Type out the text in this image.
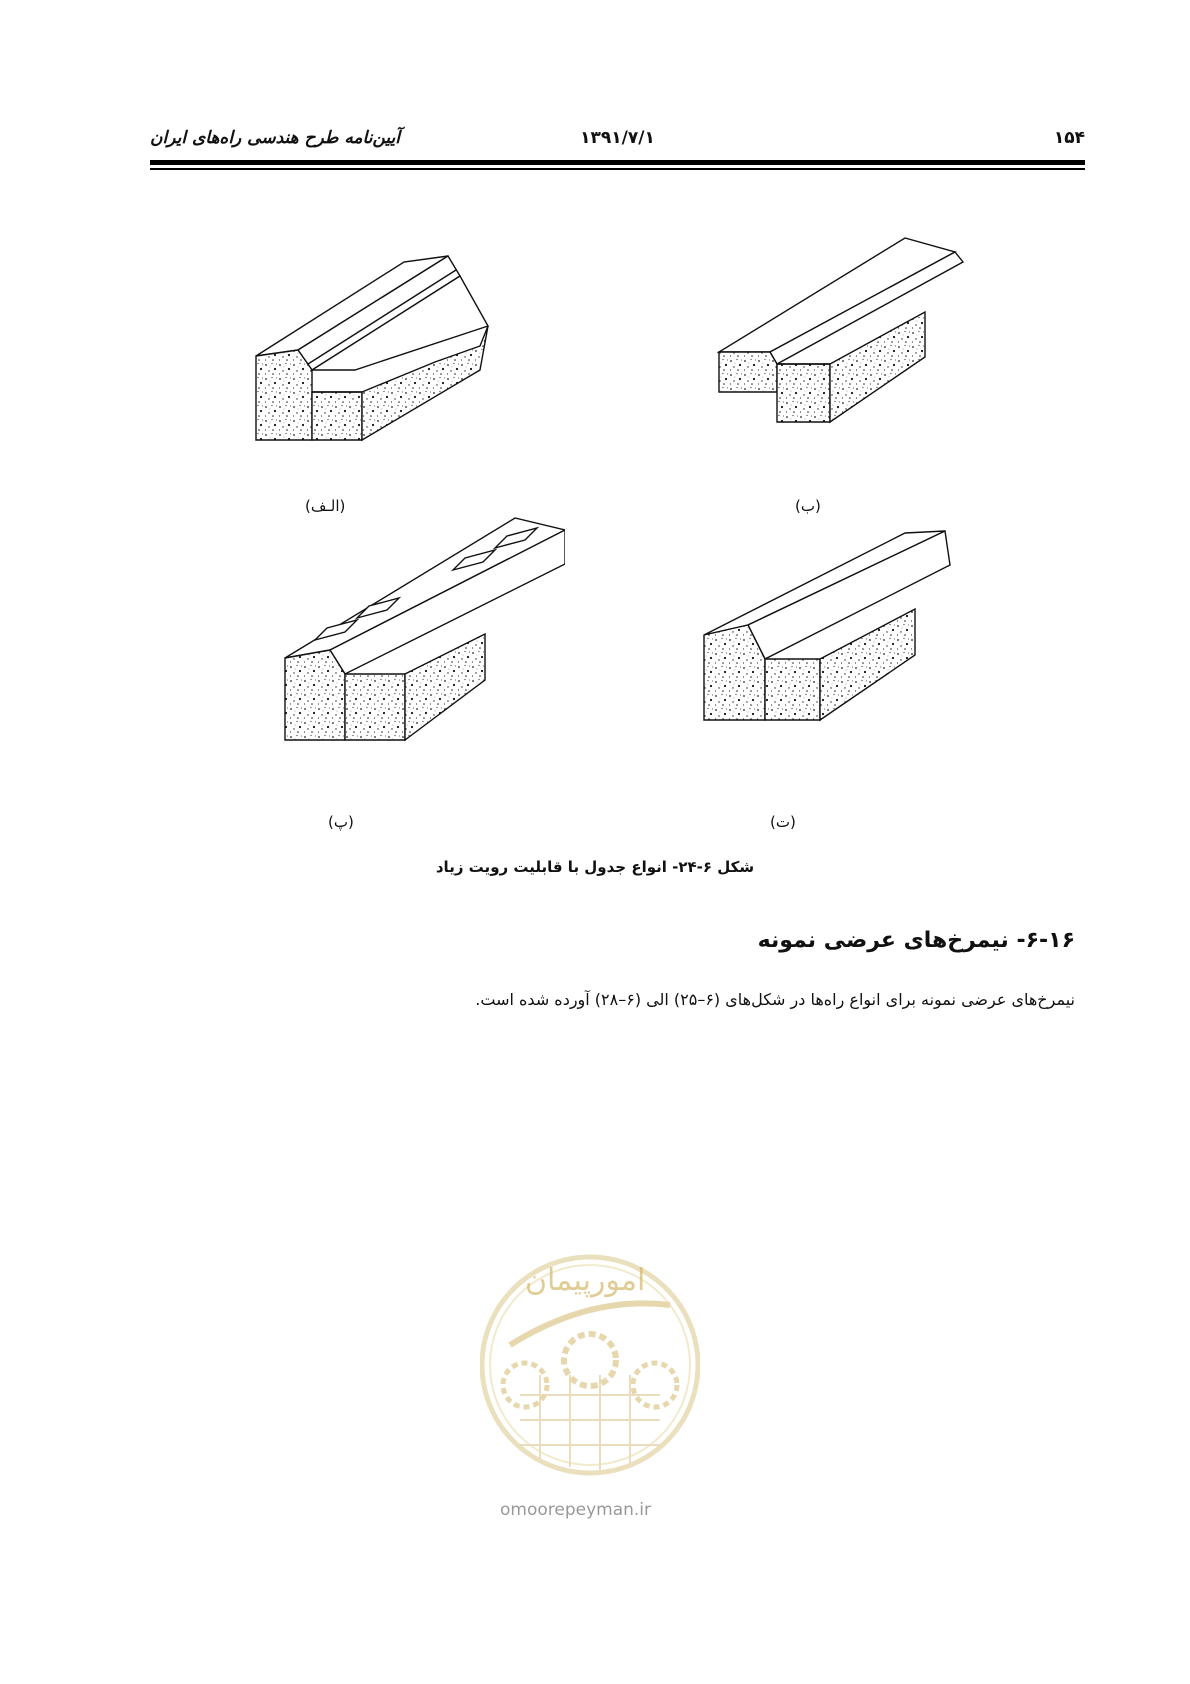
۱۵۴
۱۳۹۱/۷/۱
آیین‌نامه طرح هندسی راه‌های ایران
(الـف)	(ب)
(پ)	(ت)
شکل ۶-۲۴- انواع جدول با قابلیت رویت زیاد
۶-۱۶- نیمرخ‌های عرضی نمونه
نیمرخ‌های عرضی نمونه برای انواع راه‌ها در شکل‌های (۶–۲۵) الی (۶–۲۸) آورده شده است.
امورپیمان
omoorepeyman.ir
